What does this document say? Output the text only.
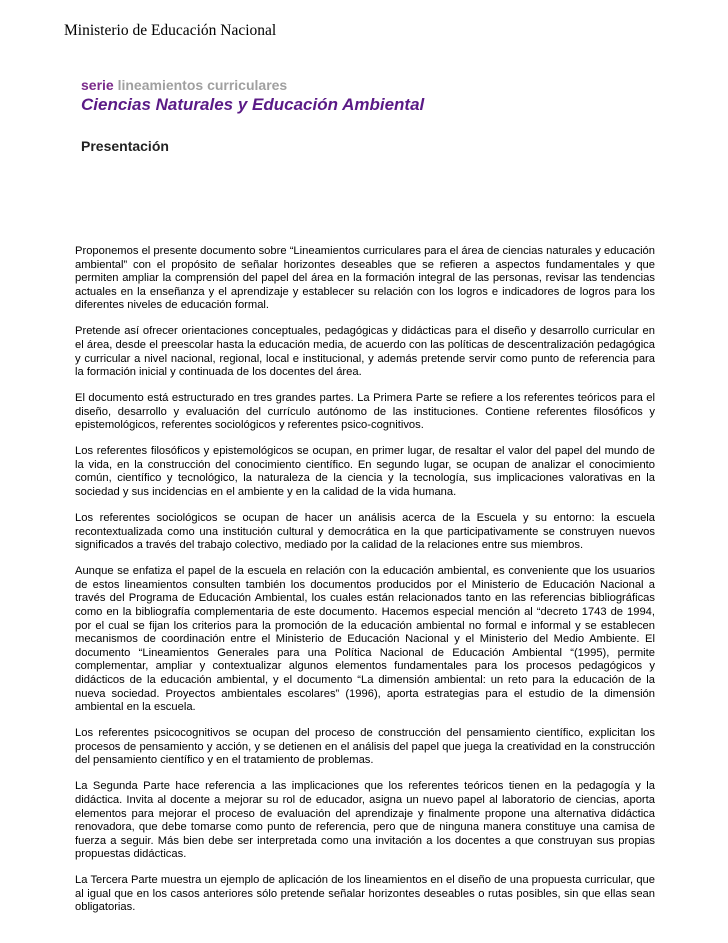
Ministerio de Educación Nacional
serie lineamientos curriculares
Ciencias Naturales y Educación Ambiental
Presentación

Proponemos el presente documento sobre “Lineamientos curriculares para el área de ciencias naturales y educación ambiental” con el propósito de señalar horizontes deseables que se refieren a aspectos fundamentales y que permiten ampliar la comprensión del papel del área en la formación integral de las personas, revisar las tendencias actuales en la enseñanza y el aprendizaje y establecer su relación con los logros e indicadores de logros para los diferentes niveles de educación formal.

Pretende así ofrecer orientaciones conceptuales, pedagógicas y didácticas para el diseño y desarrollo curricular en el área, desde el preescolar hasta la educación media, de acuerdo con las políticas de descentralización pedagógica y curricular a nivel nacional, regional, local e institucional, y además pretende servir como punto de referencia para la formación inicial y continuada de los docentes del área.

El documento está estructurado en tres grandes partes. La Primera Parte se refiere a los referentes teóricos para el diseño, desarrollo y evaluación del currículo autónomo de las instituciones. Contiene referentes filosóficos y epistemológicos, referentes sociológicos y referentes psico-cognitivos.

Los referentes filosóficos y epistemológicos se ocupan, en primer lugar, de resaltar el valor del papel del mundo de la vida, en la construcción del conocimiento científico. En segundo lugar, se ocupan de analizar el conocimiento común, científico y tecnológico, la naturaleza de la ciencia y la tecnología, sus implicaciones valorativas en la sociedad y sus incidencias en el ambiente y en la calidad de la vida humana.

Los referentes sociológicos se ocupan de hacer un análisis acerca de la Escuela y su entorno: la escuela recontextualizada como una institución cultural y democrática en la que participativamente se construyen nuevos significados a través del trabajo colectivo, mediado por la calidad de la relaciones entre sus miembros.

Aunque se enfatiza el papel de la escuela en relación con la educación ambiental, es conveniente que los usuarios de estos lineamientos consulten también los documentos producidos por el Ministerio de Educación Nacional a través del Programa de Educación Ambiental, los cuales están relacionados tanto en las referencias bibliográficas como en la bibliografía complementaria de este documento. Hacemos especial mención al “decreto 1743 de 1994, por el cual se fijan los criterios para la promoción de la educación ambiental no formal e informal y se establecen mecanismos de coordinación entre el Ministerio de Educación Nacional y el Ministerio del Medio Ambiente. El documento “Lineamientos Generales para una Política Nacional de Educación Ambiental “(1995), permite complementar, ampliar y contextualizar algunos elementos fundamentales para los procesos pedagógicos y didácticos de la educación ambiental, y el documento “La dimensión ambiental: un reto para la educación de la nueva sociedad. Proyectos ambientales escolares” (1996), aporta estrategias para el estudio de la dimensión ambiental en la escuela.

Los referentes psicocognitivos se ocupan del proceso de construcción del pensamiento científico, explicitan los procesos de pensamiento y acción, y se detienen en el análisis del papel que juega la creatividad en la construcción del pensamiento científico y en el tratamiento de problemas.

La Segunda Parte hace referencia a las implicaciones que los referentes teóricos tienen en la pedagogía y la didáctica. Invita al docente a mejorar su rol de educador, asigna un nuevo papel al laboratorio de ciencias, aporta elementos para mejorar el proceso de evaluación del aprendizaje y finalmente propone una alternativa didáctica renovadora, que debe tomarse como punto de referencia, pero que de ninguna manera constituye una camisa de fuerza a seguir. Más bien debe ser interpretada como una invitación a los docentes a que construyan sus propias propuestas didácticas.

La Tercera Parte muestra un ejemplo de aplicación de los lineamientos en el diseño de una propuesta curricular, que al igual que en los casos anteriores sólo pretende señalar horizontes deseables o rutas posibles, sin que ellas sean obligatorias.
